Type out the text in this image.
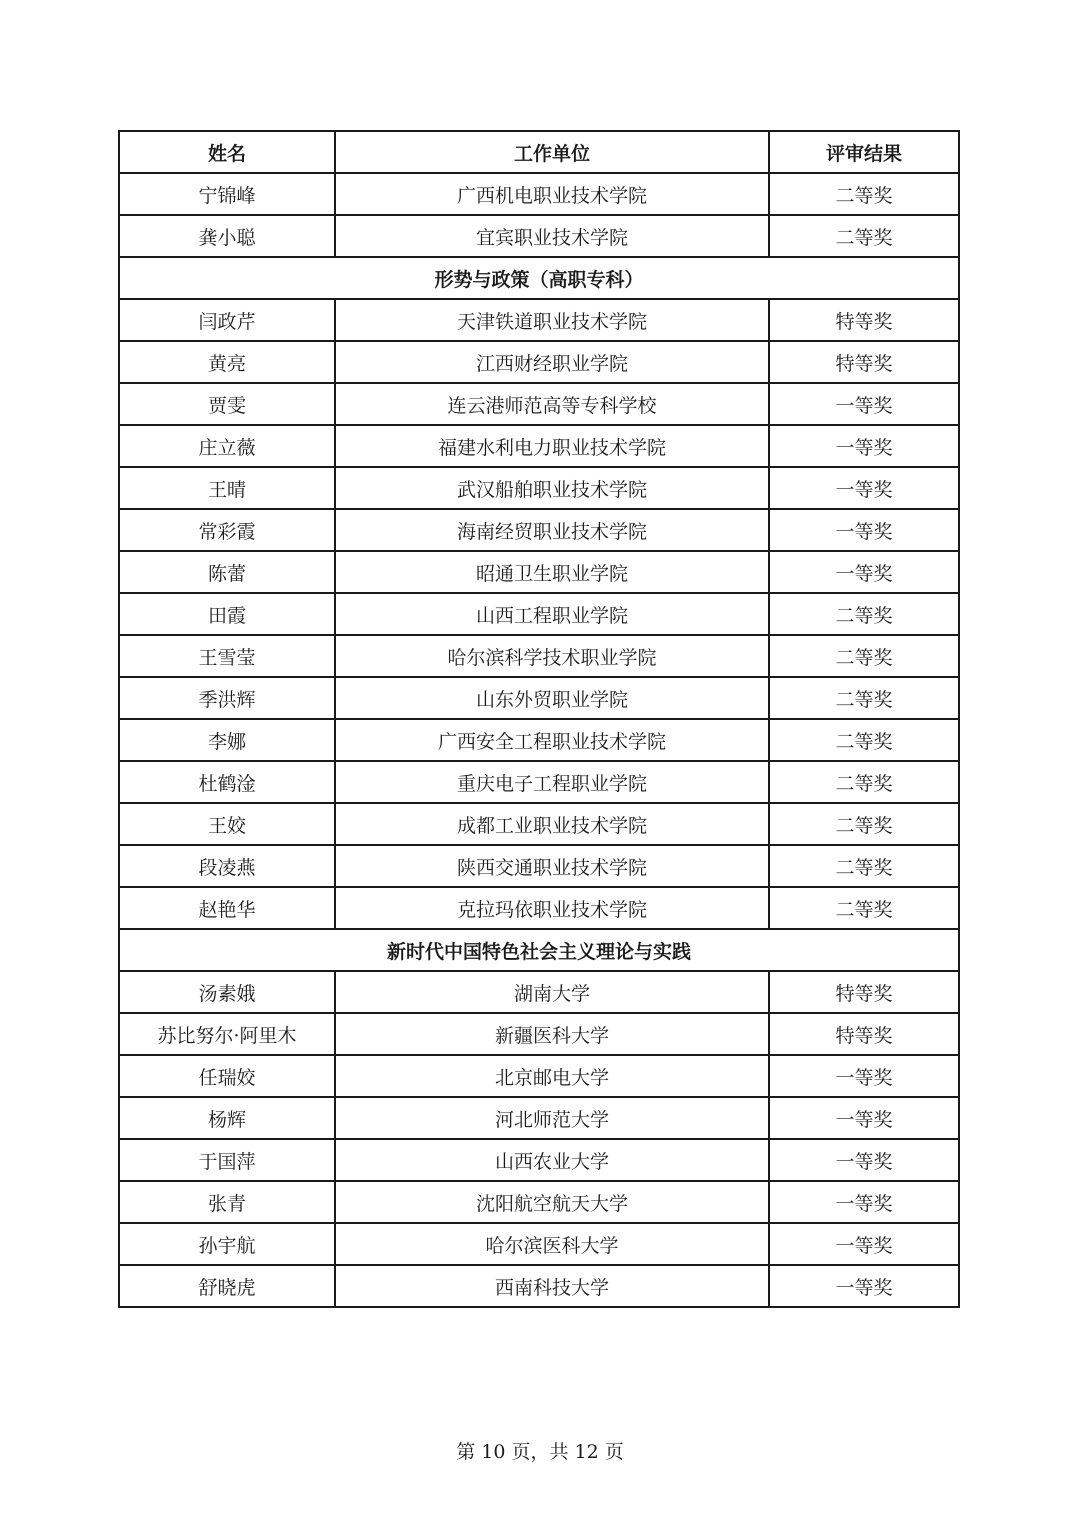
姓名	工作单位	评审结果
宁锦峰	广西机电职业技术学院	二等奖
龚小聪	宜宾职业技术学院	二等奖
形势与政策（高职专科）		
闫政芹	天津铁道职业技术学院	特等奖
黄亮	江西财经职业学院	特等奖
贾雯	连云港师范高等专科学校	一等奖
庄立薇	福建水利电力职业技术学院	一等奖
王晴	武汉船舶职业技术学院	一等奖
常彩霞	海南经贸职业技术学院	一等奖
陈蕾	昭通卫生职业学院	一等奖
田霞	山西工程职业学院	二等奖
王雪莹	哈尔滨科学技术职业学院	二等奖
季洪辉	山东外贸职业学院	二等奖
李娜	广西安全工程职业技术学院	二等奖
杜鹤淦	重庆电子工程职业学院	二等奖
王姣	成都工业职业技术学院	二等奖
段凌燕	陕西交通职业技术学院	二等奖
赵艳华	克拉玛依职业技术学院	二等奖
新时代中国特色社会主义理论与实践		
汤素娥	湖南大学	特等奖
苏比努尔·阿里木	新疆医科大学	特等奖
任瑞姣	北京邮电大学	一等奖
杨辉	河北师范大学	一等奖
于国萍	山西农业大学	一等奖
张青	沈阳航空航天大学	一等奖
孙宇航	哈尔滨医科大学	一等奖
舒晓虎	西南科技大学	一等奖
第 10 页，共 12 页
